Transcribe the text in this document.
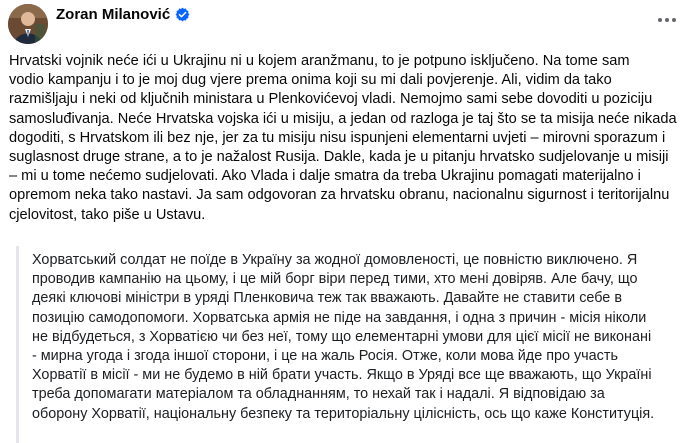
Zoran Milanović
Hrvatski vojnik neće ići u Ukrajinu ni u kojem aranžmanu, to je potpuno isključeno. Na tome sam
vodio kampanju i to je moj dug vjere prema onima koji su mi dali povjerenje. Ali, vidim da tako
razmišljaju i neki od ključnih ministara u Plenkovićevoj vladi. Nemojmo sami sebe dovoditi u poziciju
samosluđivanja. Neće Hrvatska vojska ići u misiju, a jedan od razloga je taj što se ta misija neće nikada
dogoditi, s Hrvatskom ili bez nje, jer za tu misiju nisu ispunjeni elementarni uvjeti – mirovni sporazum i
suglasnost druge strane, a to je nažalost Rusija. Dakle, kada je u pitanju hrvatsko sudjelovanje u misiji
– mi u tome nećemo sudjelovati. Ako Vlada i dalje smatra da treba Ukrajinu pomagati materijalno i
opremom neka tako nastavi. Ja sam odgovoran za hrvatsku obranu, nacionalnu sigurnost i teritorijalnu
cjelovitost, tako piše u Ustavu.
Хорватський солдат не поїде в Україну за жодної домовленості, це повністю виключено. Я
проводив кампанію на цьому, і це мій борг віри перед тими, хто мені довіряв. Але бачу, що
деякі ключові міністри в уряді Пленковича теж так вважають. Давайте не ставити себе в
позицію самодопомоги. Хорватська армія не піде на завдання, і одна з причин - місія ніколи
не відбудеться, з Хорватією чи без неї, тому що елементарні умови для цієї місії не виконані
- мирна угода і згода іншої сторони, і це на жаль Росія. Отже, коли мова йде про участь
Хорватії в місії - ми не будемо в ній брати участь. Якщо в Уряді все ще вважають, що Україні
треба допомагати матеріалом та обладнанням, то нехай так і надалі. Я відповідаю за
оборону Хорватії, національну безпеку та територіальну цілісність, ось що каже Конституція.
